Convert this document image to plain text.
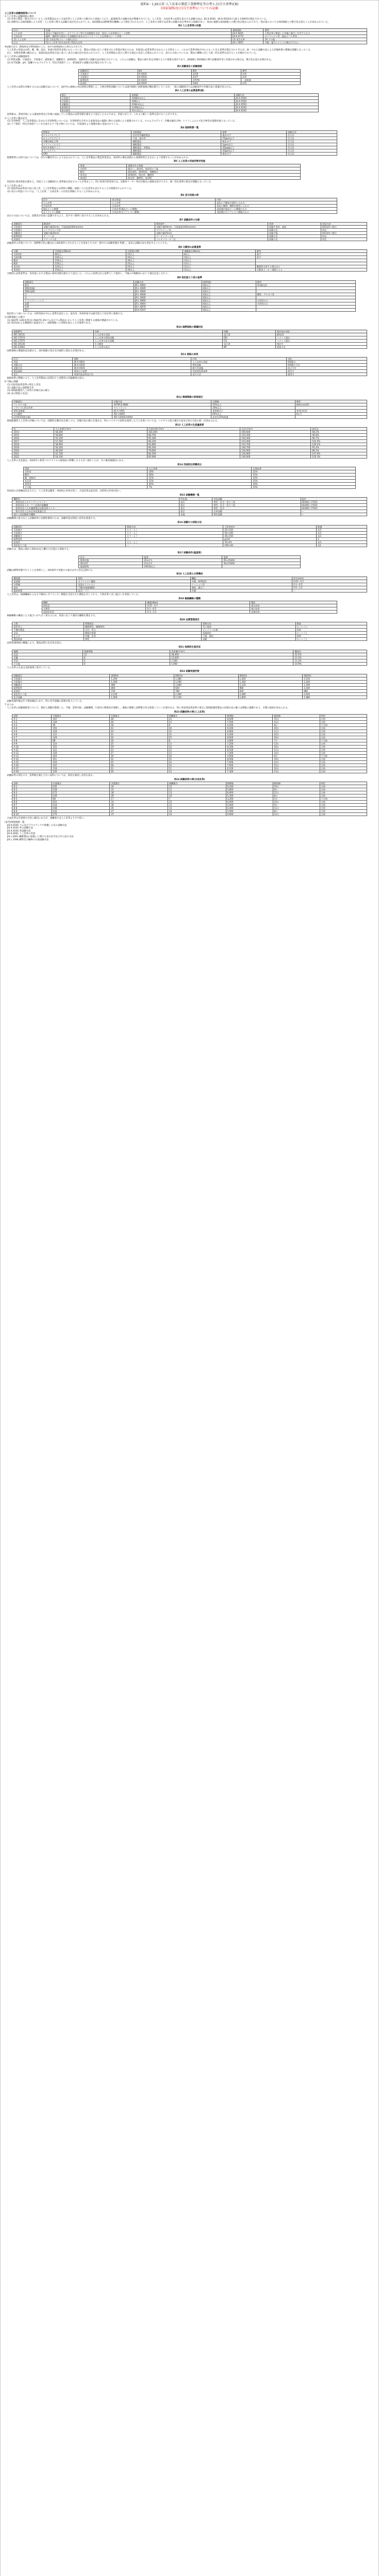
資料4－1 JIS大臣 人工皮革の製造工業標準化等の考え方(自主基準)(案)
(国家規格)及び(自主基準)についての記載

人工皮革の試験規格等について

1.人工皮革の試験規格の現状

(1) 本邦で製造・販売されている人工皮革製品は主に合成皮革と人工皮革に分類されて流通しており、JIS規格等の試験方法が整備されている。人工皮革、合成皮革の品質を表示する試験方法は、JIS K 6505、JIS K 6550及び JIS L 1096等が規定されている。

(2) 国際的にはISO規格により皮革・人工皮革に関する試験方法が定められている。ISO規格は国際標準化機構により制定されたもので、人工皮革の分野では皮革の試験方法を準用する規格が多い。各国の規格もISO規格との整合化が進められており、我が国においてもISO規格との整合化を図ることが求められている。

表1 人工皮革等の定義
区分	定義	参照規格	備考
人工皮革	基布に不織布を用い、ポリウレタン等の合成樹脂を含浸、塗布した皮革様のシート状物	JIS K 6601	天然皮革に類似した外観と風合いを有するもの
合成皮革	織物、編物等の基布に合成樹脂を塗布又はラミネートした皮革様のシート状物	JIS K 6772	ポリウレタン系、塩化ビニル系等
(1) 人工皮革	(2) 合成皮革(スエード調を含む)	(3) 再生皮革	(4) その他
区分	(1)人工皮革 (2)合成皮革 (3)再生皮革	JIS L 0001	外観・風合いによる分類は行わない
※試験方法は、JIS規格及びISO規格による。表中の参照規格は主要なものを示す。

　人工皮革の用途は衣料、靴、鞄、家具、車両内装材等多岐にわたっている。製品の用途に応じて要求される性能が異なるため、用途別の品質基準を定めることが望ましい。これまで業界団体が中心となって自主基準が策定されてきたが、統一された試験方法による評価体系の整備が課題となっている。

　また、消費者保護の観点から、家庭用品品質表示法に基づく表示の適正化が求められており、人工皮革製品の表示に関する規定の見直しが進められている。表示の方法については、製品の種類に応じて統一的な基準を設けることが検討されている。

2.人工皮革の試験規格等

(1) 物性試験：引張強さ、引裂強さ、破裂強さ、剥離強さ、耐摩耗性、屈曲性等の試験方法が規定されている。これらの試験は、製品の耐久性を評価する上で重要な項目であり、JIS規格とISO規格の間で試験条件等に差異がある場合は、整合化を図る必要がある。

(2) 化学試験：pH、遊離ホルムアルデヒド、特定芳香族アミン、重金属等の試験方法が規定されている。

表2 試験項目と試験規格
試験項目	JIS	ISO	備考
引張強さ	K 6550	3376	同等
引裂強さ	K 6550	3377	同等
耐摩耗性	K 6545	17076	一部相違
屈曲性	K 6545	5402	同等

　人工皮革の品質を評価するための試験方法について、国内外の規格の対応関係を整理した。主要な物性試験については国内規格と国際規格が概ね整合しているが、一部の試験項目では試験条件や評価方法に相違が見られる。

表3 人工皮革の品質基準(案)
項目	基準値	試験方法
引張強さ	100N/cm以上	JIS K 6550
引裂強さ	20N以上	JIS K 6550
剥離強さ	10N/cm以上	JIS K 6550
耐摩耗性	5,000回以上	JIS K 6545
耐屈曲性	10万回以上	JIS K 6545

　基準値は、業界団体による調査結果及び市場に流通している製品の品質実態を踏まえて設定したものである。用途に応じて、これより厳しい基準を設けることができる。

3.人工皮革の製品安全

(1) 有害物質：人工皮革製品に含まれる有害物質については、有害物質を含有する家庭用品の規制に関する法律により規制されている。ホルムアルデヒド、有機水銀化合物、トリフェニルスズ化合物等が規制対象となっている。

(2) アゾ染料：特定芳香族アミンを生成するアゾ化合物については、平成28年より規制対象に追加されている。

表4 規制物質一覧
物質名	対象製品	基準	試験方法
ホルムアルデヒド	乳幼児用繊維製品	検出せず	告示法
ホルムアルデヒド	下着、寝衣等	75ppm以下	告示法
有機水銀化合物	繊維製品	検出せず	告示法
トリフェニルスズ	繊維製品	1ppm以下	告示法
特定芳香族アミン	繊維製品、革製品	30μg/g以下	告示法
ディルドリン	繊維製品	30ppm以下	告示法
APO	繊維製品	検出せず	告示法

　規制物質の分析方法については、厚生労働省告示により定められている。人工皮革製品の製造事業者は、原材料の選定段階から規制物質を含まないよう管理することが求められる。

表5 人工皮革の用途別要求性能
用途	重視される性能
衣料用	風合い、通気性、染色堅ろう度
靴用	耐屈曲性、耐摩耗性、剥離強さ
家具用	耐摩耗性、耐光性、難燃性
車両用	耐光性、難燃性、低VOC

　用途別の要求性能を踏まえ、用途ごとに試験項目と基準値を設定することが望ましい。特に車両内装用途では、自動車メーカー各社が独自の規格を設けており、統一的な基準の策定が課題となっている。

4.人工皮革の表示

(1) 家庭用品品質表示法に基づき、人工皮革製品には材料の種類、取扱い上の注意等を表示することが義務付けられている。

(2) 表示の用語については、「人工皮革」「合成皮革」の区別を明確にすることが求められる。

表6 表示用語の例
区分	表示用語	内容
人工皮革	人工皮革	基布に不織布を使用したもの
合成皮革	合成皮革	基布に織物、編物を使用したもの
塩化ビニル樹脂	合成皮革(塩化ビニル樹脂)	表面層が塩化ビニル樹脂のもの
ポリウレタン樹脂	合成皮革(ポリウレタン樹脂)	表面層がポリウレタン樹脂のもの

　表示の方法については、消費者が容易に認識できるよう、見やすい箇所に表示することが求められる。

表7 試験条件の比較
試験項目	JIS条件	ISO条件	差異	対応方針
引張強さ	試験片幅25mm、引張速度200mm/min	試験片幅50mm、引張速度100mm/min	試験片形状、速度	ISO条件に整合
引裂強さ	シングルタング法	ダブルエッジ法	試験方法	併記
剥離強さ	試験片幅30mm	試験片幅25mm	試験片幅	ISO条件に整合
耐摩耗性	テーバー法	マーチンデール法	試験方法	併記
屈曲性	デマッチャ法	フレキソメーター法	試験方法	併記

　試験条件の差異について、国際整合化の観点からISO条件に合わせることを基本とするが、国内での試験実績を考慮し、従来の試験方法も併記することとする。

表8 分類別の品質基準
分類	引張強さ(N/cm)	引裂強さ(N)	剥離強さ(N/cm)	備考
衣料用A	80以上	15以上	8以上	薄手
衣料用B	100以上	20以上	10以上	厚手
靴用	150以上	30以上	15以上	
鞄用	120以上	25以上	12以上	
家具用	120以上	25以上	12以上	難燃性を要する場合あり
車両用	150以上	30以上	15以上	自動車メーカー規格による

　分類別の品質基準は、各用途における製品の使用実態を踏まえて設定した。これらの基準は自主基準として運用し、今後の市場動向に応じて適宜見直しを行う。

表9 染色堅ろう度の基準
試験項目	試験方法	基準(級)	備考
耐光	JIS L 0842	4級以上	第3露光法
摩擦(乾燥)	JIS L 0849	4級以上	
摩擦(湿潤)	JIS L 0849	3級以上	
汗	JIS L 0848	4級以上	酸性・アルカリ性
水	JIS L 0846	4級以上	
ドライクリーニング	JIS L 0860	4級以上	衣料用のみ
洗濯	JIS L 0844	4級以上	衣料用のみ
昇華	JIS L 0879	4級以上	
移行	JIS K 6547	4級以上	

　染色堅ろう度については、衣料用途を中心に基準を設定した。家具用、車両用途では耐光堅ろう度を特に重視する。

5.国際規格との整合

(1) ISO/TC 120(皮革)及びISO/TC 45(ゴム及びゴム製品)において人工皮革に関連する規格が審議されている。

(2) 我が国からも積極的に提案を行い、国際規格への反映を図ることが重要である。

表10 国際規格の審議状況
規格番号	名称	段階	我が国の対応
ISO 16131	人工皮革の用語	発行済	JIS化済
ISO 17074	人工皮革の物性試験	DIS	コメント提出
ISO 17075	人工皮革の化学試験	CD	コメント提出
ISO 20136	生分解性	発行済	検討中
ISO 22842	人工皮革の表示	NP	提案予定

　国際規格の審議状況を踏まえ、国内規格の改正を計画的に進める必要がある。

表11 規格の体系
区分	規格	内容	対応
用語	JIS K 6601	人工皮革の用語	ISO整合
試験方法	JIS K 6550	物性試験	ISO整合予定
試験方法	JIS K 6545	耐久性試験	改正予定
製品規格	業界自主基準	用途別品質基準	策定中
表示	家庭用品品質表示法	表示方法	運用中

　規格体系の整備により、人工皮革製品の品質向上と消費者の信頼確保を図る。

6.今後の課題

(1) 用途別品質基準の策定と普及

(2) 試験方法の国際整合化

(3) 環境配慮型人工皮革の評価方法の確立

(4) 表示制度の見直し

表12 環境関連の評価項目
評価項目	評価方法	目標値	備考
バイオマス度	ASTM D 6866	25%以上	植物由来原料
リサイクル材含有率	マスバランス	30%以上	
VOC放散量	JIS A 1901	基準値以下	車両内装用
生分解性	ISO 14855	60%以上	6か月
LCA(CO2排出量)	ISO 14040/14044	従来比20%削減	

　環境配慮型人工皮革の評価については、国際的な動向を注視しつつ、評価方法の確立を進める。特にバイオマス原料を使用した人工皮革については、バイオマス度の測定方法及び表示方法の統一が求められる。

表13 人工皮革の生産量推移
年	人工皮革(千m²)	合成皮革(千m²)	合計(千m²)	前年比
2014	58,200	102,400	160,600	98.2%
2015	56,800	98,700	155,500	96.8%
2016	55,100	95,300	150,400	96.7%
2017	57,300	96,100	153,400	102.0%
2018	58,900	94,800	153,700	100.2%
2019	56,200	90,500	146,700	95.4%
2020	48,300	78,600	126,900	86.5%
2021	52,700	84,200	136,900	107.9%
2022	54,100	85,900	140,000	102.3%

　人工皮革の生産量は、2020年に新型コロナウイルス感染症の影響により大きく減少したが、その後回復傾向にある。

表14 用途別出荷構成比
用途	人工皮革	合成皮革
衣料用	18%	22%
靴用	28%	15%
鞄・袋物用	12%	10%
家具用	15%	25%
車両用	20%	18%
その他	7%	10%

　用途別の出荷構成比をみると、人工皮革は靴用、車両用の比率が高く、合成皮革は家具用、衣料用の比率が高い。

表15 試験機関一覧
機関名	所在地	対応試験	認定
一般財団法人カケンテストセンター	東京	物性・化学・堅ろう度	ISO/IEC 17025
一般財団法人ボーケン品質評価機構	東京	物性・化学・堅ろう度	ISO/IEC 17025
一般財団法人日本繊維製品品質技術センター	東京	物性・化学	ISO/IEC 17025
一般社団法人日本皮革産業連合会	東京	皮革試験	―
地方公設試験研究機関	各地	物性試験	―

　試験機関の能力向上と試験結果の信頼性確保のため、試験所認定制度の活用を推進する。

表16 試験片の採取方法
試験項目	採取方向	寸法(mm)	数量
引張強さ	たて・よこ	25×150	各3
引裂強さ	たて・よこ	50×100	各3
剥離強さ	たて・よこ	30×150	各3
耐摩耗性	―	φ110	3
屈曲性	たて・よこ	70×45	各3
染色堅ろう度	―	100×40	各1

　試験片は、製品の端から50mm以上離れた位置から採取する。

表17 試験条件(温湿度)
区分	温度	湿度
標準状態	20±2℃	65±4%RH
ISO条件	23±2℃	50±5%RH
調湿時間	24時間以上	

　試験は標準状態で行うことを原則とし、ISO条件で実施する場合はその旨を記録する。

表18 人工皮革の主要構成
構成層	材料	機能	厚さ(mm)
表面層	ポリウレタン樹脂	外観、耐摩耗性	0.02～0.1
中間層	発泡ポリウレタン	クッション性	0.1～0.5
基布	不織布(極細繊維)	強度、風合い	0.5～1.5
裏面処理	起毛・バフ	外観	―

　人工皮革は、極細繊維からなる不織布にポリウレタン樹脂を含浸させた構造を有しており、天然皮革に近い風合いを実現している。

表19 極細繊維の種類
種類	繊度(dtex)	製法
海島型	0.01～0.1	複合紡糸
分割型	0.1～0.5	複合紡糸
直接紡糸型	0.3～1.0	直接紡糸

　極細繊維の繊度により風合いが大きく異なるため、用途に応じて適切な繊維を選定する。

表20 品質管理項目
工程	管理項目	管理方法	頻度
原料受入	繊維物性、樹脂物性	受入検査	ロットごと
不織布製造	目付、厚さ	オンライン計測	常時
含浸	樹脂付着量	重量測定	ロットごと
仕上げ	外観、色差	目視、測色	常時
製品検査	物性	試験	ロットごと

　品質管理体制の構築により、製品品質の安定化を図る。

表21 地域別生産状況
地域	事業所数	生産量(千m²)	構成比
北陸	12	28,400	52.5%
近畿	8	12,600	23.3%
中国	5	7,200	13.3%
その他	6	5,900	10.9%

　人工皮革の生産は北陸地域に集中している。

表22 試験実施件数
試験項目	2020年	2021年	2022年	2023年
引張強さ	1,240	1,380	1,420	1,510
引裂強さ	1,180	1,290	1,350	1,420
剥離強さ	980	1,060	1,120	1,190
耐摩耗性	860	920	980	1,040
屈曲性	720	780	830	880
染色堅ろう度	2,140	2,360	2,480	2,620
化学試験	1,560	1,720	1,850	1,980

　試験実施件数は年々増加傾向にあり、特に化学試験の需要が拡大している。

7.まとめ

　人工皮革の試験規格等について、現状と課題を整理した。今後、業界団体、試験機関、行政等の関係者が連携し、規格の整備と国際整合化を推進していく必要がある。特に用途別品質基準の策定と環境配慮型製品の評価方法の確立は喫緊の課題であり、早期の取組が求められる。

表23 試験結果の例(人工皮革)
試料	引張強さ	引裂強さ	剥離強さ	耐摩耗	耐屈曲	判定
A-1	142	28	14	8,000	15万	合格
A-2	138	26	13	7,500	12万	合格
A-3	95	18	9	4,200	8万	不合格
A-4	156	32	16	9,200	20万	合格
A-5	128	24	12	6,800	11万	合格
A-6	112	21	11	5,400	10万	合格
A-7	148	30	15	8,600	18万	合格
A-8	88	16	8	3,800	7万	不合格
A-9	134	25	13	7,200	13万	合格
A-10	145	29	14	8,300	16万	合格
A-11	122	23	12	6,500	11万	合格
A-12	138	27	13	7,400	14万	合格
A-13	104	19	10	4,900	9万	不合格
A-14	151	31	15	8,900	19万	合格
A-15	130	25	12	7,000	12万	合格
A-16	142	28	14	7,900	15万	合格
A-17	118	22	11	6,100	10万	合格
A-18	136	26	13	7,300	13万	合格

　試験結果の例を示す。基準値を満たさない試料については、原因を調査し改善を図る。

表24 試験結果の例(合成皮革)
試料	引張強さ	引裂強さ	剥離強さ	耐摩耗	耐屈曲	判定
B-1	165	34	12	6,200	10万	合格
B-2	158	31	11	5,800	9万	合格
B-3	172	36	13	6,600	11万	合格
B-4	149	29	10	5,300	8万	合格
B-5	98	17	7	3,200	5万	不合格
B-6	161	33	12	6,000	10万	合格
B-7	154	30	11	5,600	9万	合格
B-8	168	35	13	6,400	11万	合格
B-9	142	27	10	5,000	8万	合格
B-10	175	37	14	6,800	12万	合格

　合成皮革は引張強さが高い傾向にあるが、剥離強さは人工皮革よりやや低い。

(参考)関連規格一覧

JIS K 6505 ゴム及びプラスチックで被覆した布の試験方法

JIS K 6545 革の試験方法

JIS K 6550 革試験方法

JIS K 6601 人工皮革の用語

JIS L 0001 繊維製品の取扱いに関する表示記号及びその表示方法

JIS L 1096 織物及び編物の生地試験方法
